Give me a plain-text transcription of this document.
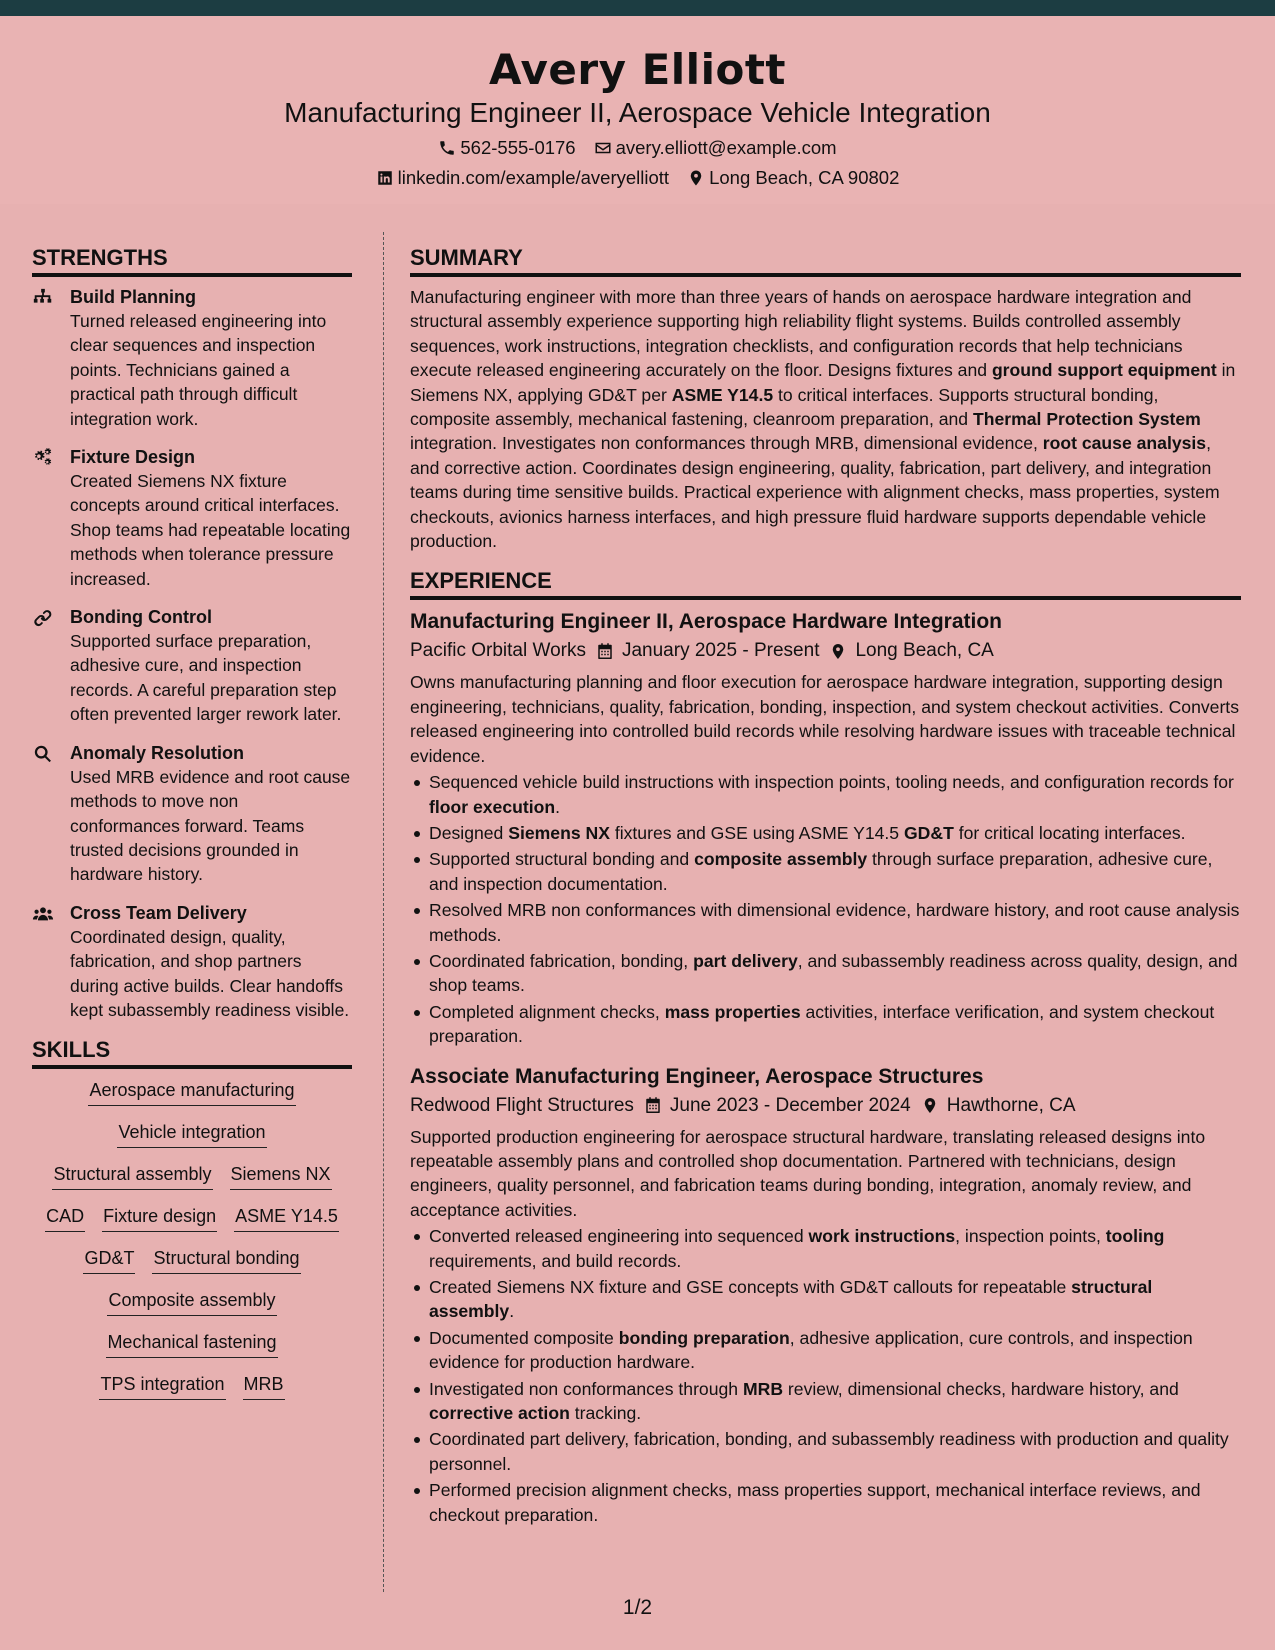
Avery Elliott
Manufacturing Engineer II, Aerospace Vehicle Integration
562-555-0176 avery.elliott@example.com
linkedin.com/example/averyelliott Long Beach, CA 90802
STRENGTHS
Build Planning
Turned released engineering into clear sequences and inspection points. Technicians gained a practical path through difficult integration work.
Fixture Design
Created Siemens NX fixture concepts around critical interfaces. Shop teams had repeatable locating methods when tolerance pressure increased.
Bonding Control
Supported surface preparation, adhesive cure, and inspection records. A careful preparation step often prevented larger rework later.
Anomaly Resolution
Used MRB evidence and root cause methods to move non conformances forward. Teams trusted decisions grounded in hardware history.
Cross Team Delivery
Coordinated design, quality, fabrication, and shop partners during active builds. Clear handoffs kept subassembly readiness visible.
SKILLS
Aerospace manufacturing
Vehicle integration
Structural assembly Siemens NX
CAD Fixture design ASME Y14.5
GD&T Structural bonding
Composite assembly
Mechanical fastening
TPS integration MRB
SUMMARY

Manufacturing engineer with more than three years of hands on aerospace hardware integration and structural assembly experience supporting high reliability flight systems. Builds controlled assembly sequences, work instructions, integration checklists, and configuration records that help technicians execute released engineering accurately on the floor. Designs fixtures and ground support equipment in Siemens NX, applying GD&T per ASME Y14.5 to critical interfaces. Supports structural bonding, composite assembly, mechanical fastening, cleanroom preparation, and Thermal Protection System integration. Investigates non conformances through MRB, dimensional evidence, root cause analysis, and corrective action. Coordinates design engineering, quality, fabrication, part delivery, and integration teams during time sensitive builds. Practical experience with alignment checks, mass properties, system checkouts, avionics harness interfaces, and high pressure fluid hardware supports dependable vehicle production.

EXPERIENCE
Manufacturing Engineer II, Aerospace Hardware Integration
Pacific Orbital Works January 2025 - Present Long Beach, CA

Owns manufacturing planning and floor execution for aerospace hardware integration, supporting design engineering, technicians, quality, fabrication, bonding, inspection, and system checkout activities. Converts released engineering into controlled build records while resolving hardware issues with traceable technical evidence.

Sequenced vehicle build instructions with inspection points, tooling needs, and configuration records for floor execution.
Designed Siemens NX fixtures and GSE using ASME Y14.5 GD&T for critical locating interfaces.
Supported structural bonding and composite assembly through surface preparation, adhesive cure, and inspection documentation.
Resolved MRB non conformances with dimensional evidence, hardware history, and root cause analysis methods.
Coordinated fabrication, bonding, part delivery, and subassembly readiness across quality, design, and shop teams.
Completed alignment checks, mass properties activities, interface verification, and system checkout preparation.
Associate Manufacturing Engineer, Aerospace Structures
Redwood Flight Structures June 2023 - December 2024 Hawthorne, CA

Supported production engineering for aerospace structural hardware, translating released designs into repeatable assembly plans and controlled shop documentation. Partnered with technicians, design engineers, quality personnel, and fabrication teams during bonding, integration, anomaly review, and acceptance activities.

Converted released engineering into sequenced work instructions, inspection points, tooling requirements, and build records.
Created Siemens NX fixture and GSE concepts with GD&T callouts for repeatable structural assembly.
Documented composite bonding preparation, adhesive application, cure controls, and inspection evidence for production hardware.
Investigated non conformances through MRB review, dimensional checks, hardware history, and corrective action tracking.
Coordinated part delivery, fabrication, bonding, and subassembly readiness with production and quality personnel.
Performed precision alignment checks, mass properties support, mechanical interface reviews, and checkout preparation.
1/2
